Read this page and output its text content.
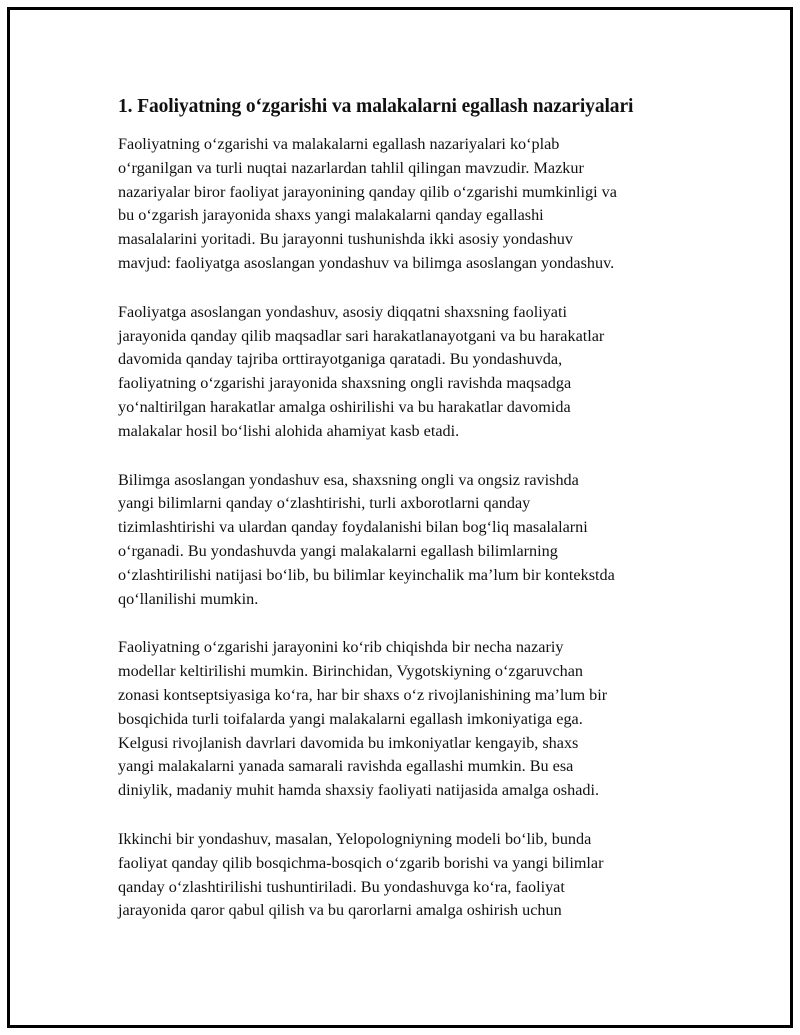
1. Faoliyatning o‘zgarishi va malakalarni egallash nazariyalari

Faoliyatning o‘zgarishi va malakalarni egallash nazariyalari ko‘plab
o‘rganilgan va turli nuqtai nazarlardan tahlil qilingan mavzudir. Mazkur
nazariyalar biror faoliyat jarayonining qanday qilib o‘zgarishi mumkinligi va
bu o‘zgarish jarayonida shaxs yangi malakalarni qanday egallashi
masalalarini yoritadi. Bu jarayonni tushunishda ikki asosiy yondashuv
mavjud: faoliyatga asoslangan yondashuv va bilimga asoslangan yondashuv.

Faoliyatga asoslangan yondashuv, asosiy diqqatni shaxsning faoliyati
jarayonida qanday qilib maqsadlar sari harakatlanayotgani va bu harakatlar
davomida qanday tajriba orttirayotganiga qaratadi. Bu yondashuvda,
faoliyatning o‘zgarishi jarayonida shaxsning ongli ravishda maqsadga
yo‘naltirilgan harakatlar amalga oshirilishi va bu harakatlar davomida
malakalar hosil bo‘lishi alohida ahamiyat kasb etadi.

Bilimga asoslangan yondashuv esa, shaxsning ongli va ongsiz ravishda
yangi bilimlarni qanday o‘zlashtirishi, turli axborotlarni qanday
tizimlashtirishi va ulardan qanday foydalanishi bilan bog‘liq masalalarni
o‘rganadi. Bu yondashuvda yangi malakalarni egallash bilimlarning
o‘zlashtirilishi natijasi bo‘lib, bu bilimlar keyinchalik ma’lum bir kontekstda
qo‘llanilishi mumkin.

Faoliyatning o‘zgarishi jarayonini ko‘rib chiqishda bir necha nazariy
modellar keltirilishi mumkin. Birinchidan, Vygotskiyning o‘zgaruvchan
zonasi kontseptsiyasiga ko‘ra, har bir shaxs o‘z rivojlanishining ma’lum bir
bosqichida turli toifalarda yangi malakalarni egallash imkoniyatiga ega.
Kelgusi rivojlanish davrlari davomida bu imkoniyatlar kengayib, shaxs
yangi malakalarni yanada samarali ravishda egallashi mumkin. Bu esa
diniylik, madaniy muhit hamda shaxsiy faoliyati natijasida amalga oshadi.

Ikkinchi bir yondashuv, masalan, Yelopologniyning modeli bo‘lib, bunda
faoliyat qanday qilib bosqichma-bosqich o‘zgarib borishi va yangi bilimlar
qanday o‘zlashtirilishi tushuntiriladi. Bu yondashuvga ko‘ra, faoliyat
jarayonida qaror qabul qilish va bu qarorlarni amalga oshirish uchun
